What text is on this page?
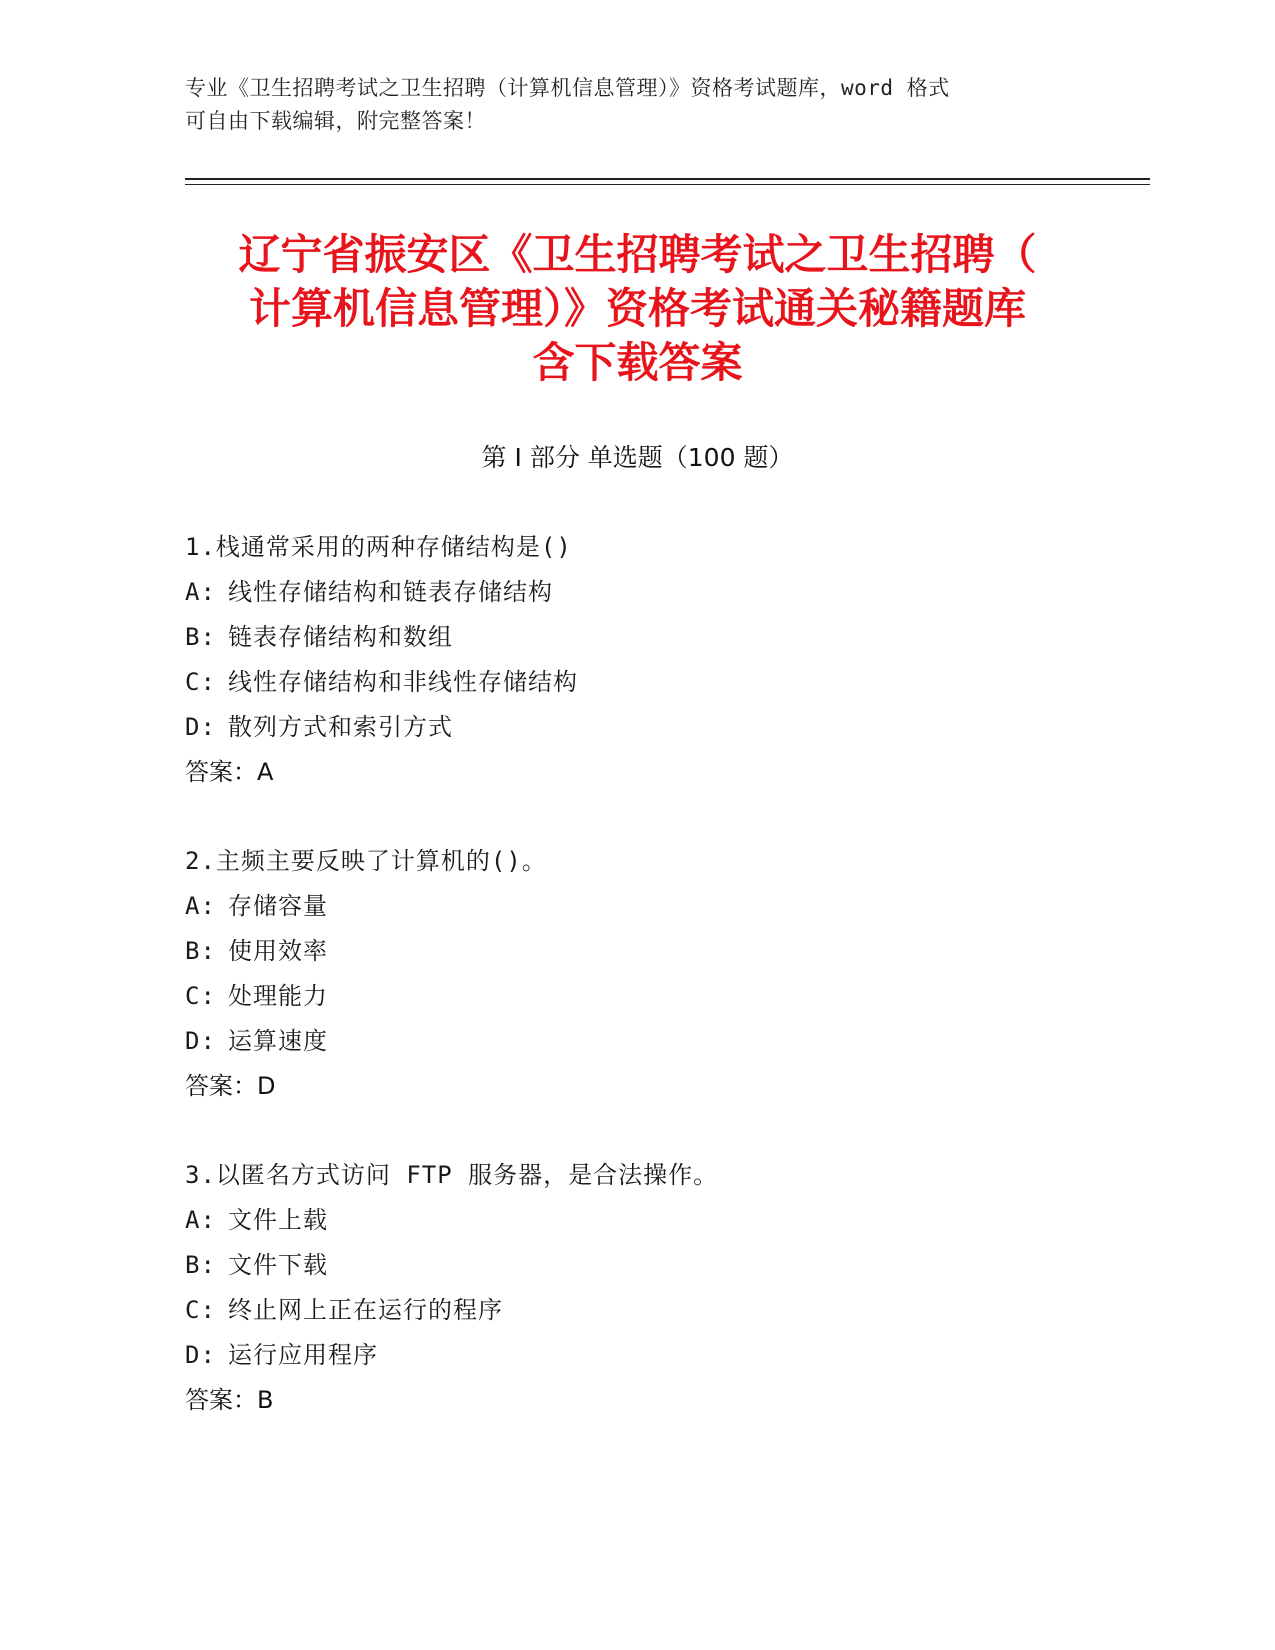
专业《卫生招聘考试之卫生招聘（计算机信息管理）》资格考试题库，word 格式
可自由下载编辑，附完整答案！
辽宁省振安区《卫生招聘考试之卫生招聘（
计算机信息管理）》资格考试通关秘籍题库
含下载答案
第 I 部分 单选题（100 题）
1.栈通常采用的两种存储结构是()
A: 线性存储结构和链表存储结构
B: 链表存储结构和数组
C: 线性存储结构和非线性存储结构
D: 散列方式和索引方式
答案：A
2.主频主要反映了计算机的()。
A: 存储容量
B: 使用效率
C: 处理能力
D: 运算速度
答案：D
3.以匿名方式访问 FTP 服务器，是合法操作。
A: 文件上载
B: 文件下载
C: 终止网上正在运行的程序
D: 运行应用程序
答案：B
